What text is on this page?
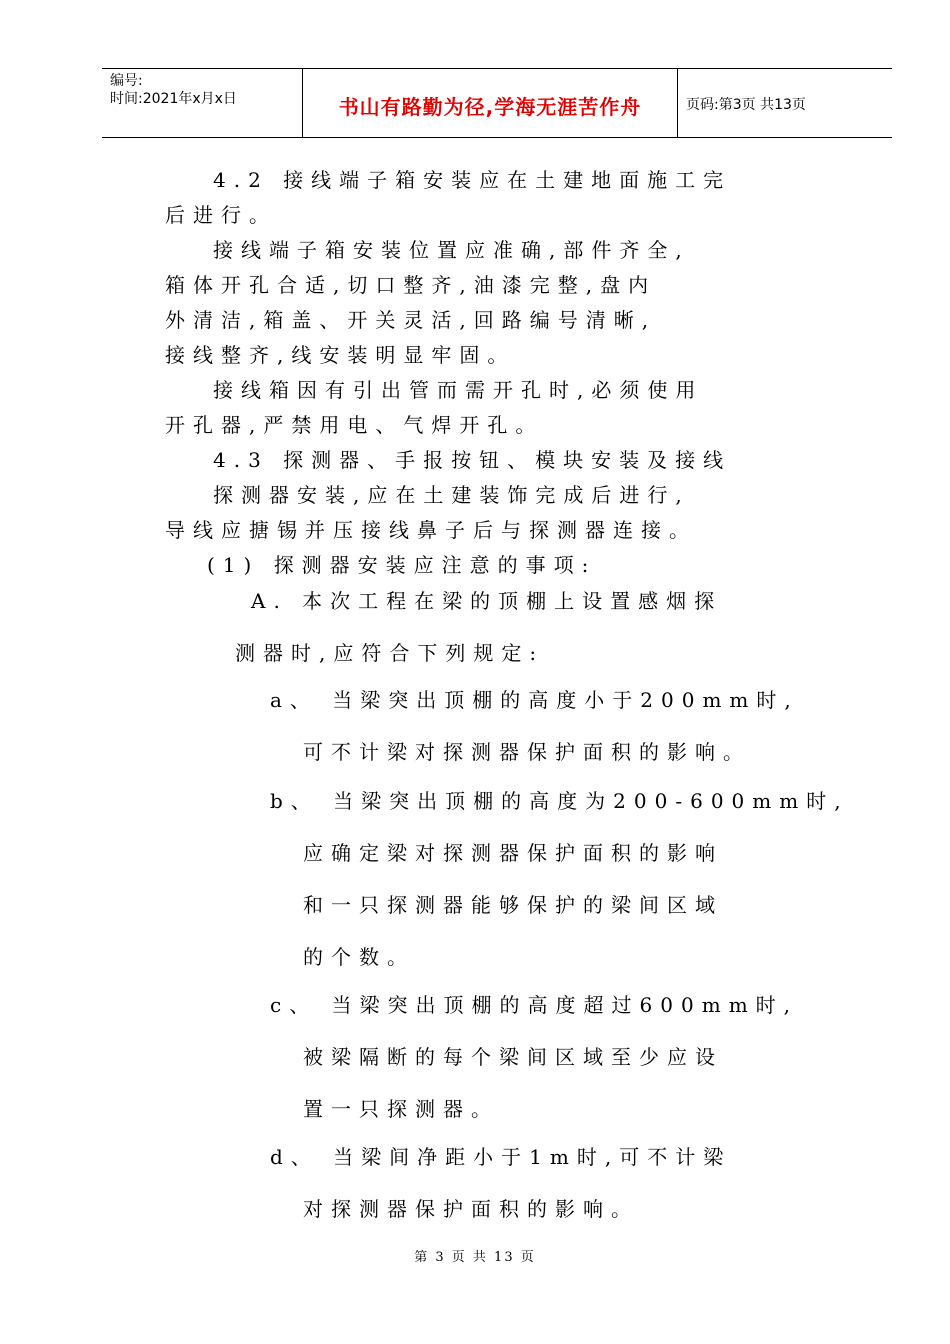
编号:
时间:2021年x月x日	书山有路勤为径,学海无涯苦作舟	页码:第3页 共13页
4.2 接线端子箱安装应在土建地面施工完
后进行。
接线端子箱安装位置应准确,部件齐全,
箱体开孔合适,切口整齐,油漆完整,盘内
外清洁,箱盖、开关灵活,回路编号清晰,
接线整齐,线安装明显牢固。
接线箱因有引出管而需开孔时,必须使用
开孔器,严禁用电、气焊开孔。
4.3 探测器、手报按钮、模块安装及接线
探测器安装,应在土建装饰完成后进行,
导线应搪锡并压接线鼻子后与探测器连接。
(1) 探测器安装应注意的事项:
A. 本次工程在梁的顶棚上设置感烟探
测器时,应符合下列规定:
a、 当梁突出顶棚的高度小于200mm时,
可不计梁对探测器保护面积的影响。
b、 当梁突出顶棚的高度为200-600mm时,
应确定梁对探测器保护面积的影响
和一只探测器能够保护的梁间区域
的个数。
c、 当梁突出顶棚的高度超过600mm时,
被梁隔断的每个梁间区域至少应设
置一只探测器。
d、 当梁间净距小于1m时,可不计梁
对探测器保护面积的影响。
第 3 页 共 13 页
